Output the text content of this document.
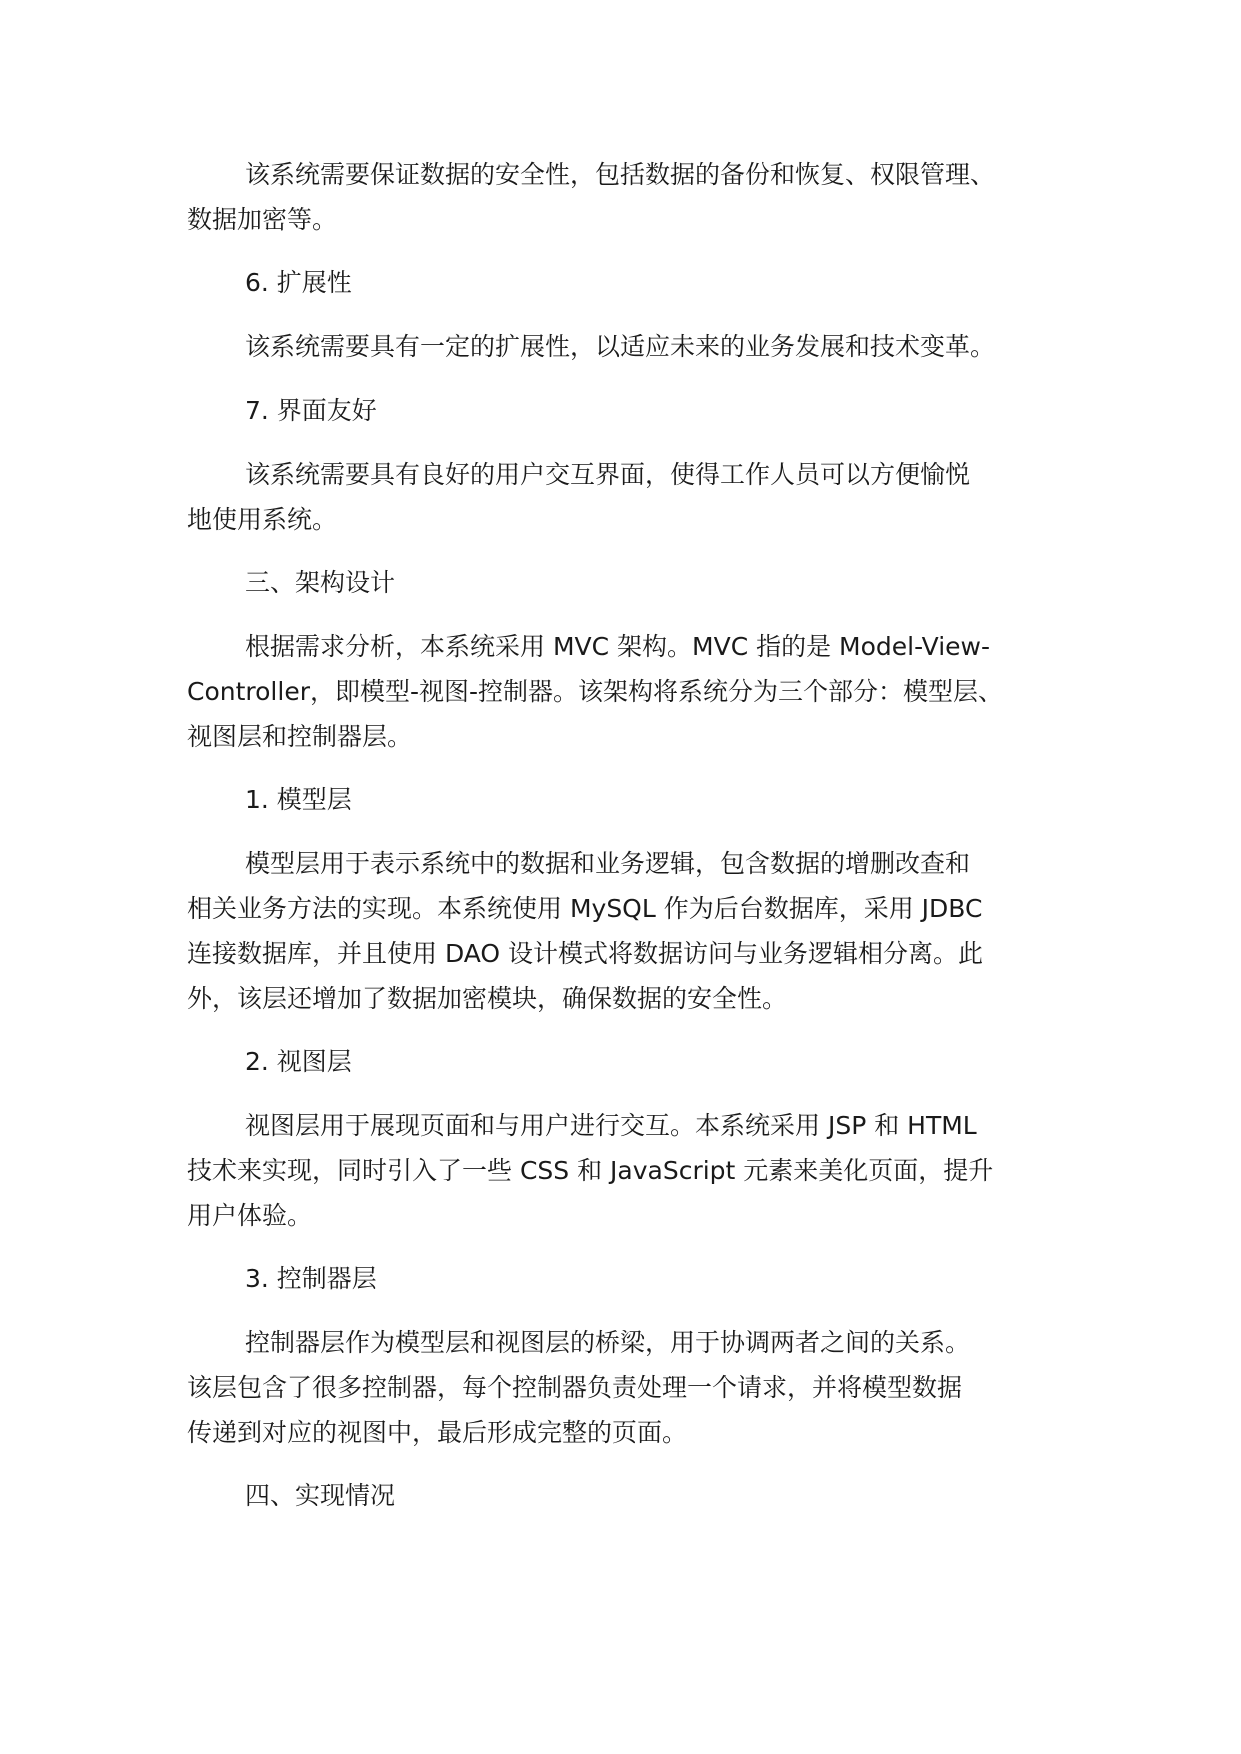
该系统需要保证数据的安全性，包括数据的备份和恢复、权限管理、

数据加密等。

6. 扩展性

该系统需要具有一定的扩展性，以适应未来的业务发展和技术变革。

7. 界面友好

该系统需要具有良好的用户交互界面，使得工作人员可以方便愉悦

地使用系统。

三、架构设计

根据需求分析，本系统采用 MVC 架构。MVC 指的是 Model-View-

Controller，即模型-视图-控制器。该架构将系统分为三个部分：模型层、

视图层和控制器层。

1. 模型层

模型层用于表示系统中的数据和业务逻辑，包含数据的增删改查和

相关业务方法的实现。本系统使用 MySQL 作为后台数据库，采用 JDBC

连接数据库，并且使用 DAO 设计模式将数据访问与业务逻辑相分离。此

外，该层还增加了数据加密模块，确保数据的安全性。

2. 视图层

视图层用于展现页面和与用户进行交互。本系统采用 JSP 和 HTML

技术来实现，同时引入了一些 CSS 和 JavaScript 元素来美化页面，提升

用户体验。

3. 控制器层

控制器层作为模型层和视图层的桥梁，用于协调两者之间的关系。

该层包含了很多控制器，每个控制器负责处理一个请求，并将模型数据

传递到对应的视图中，最后形成完整的页面。

四、实现情况
